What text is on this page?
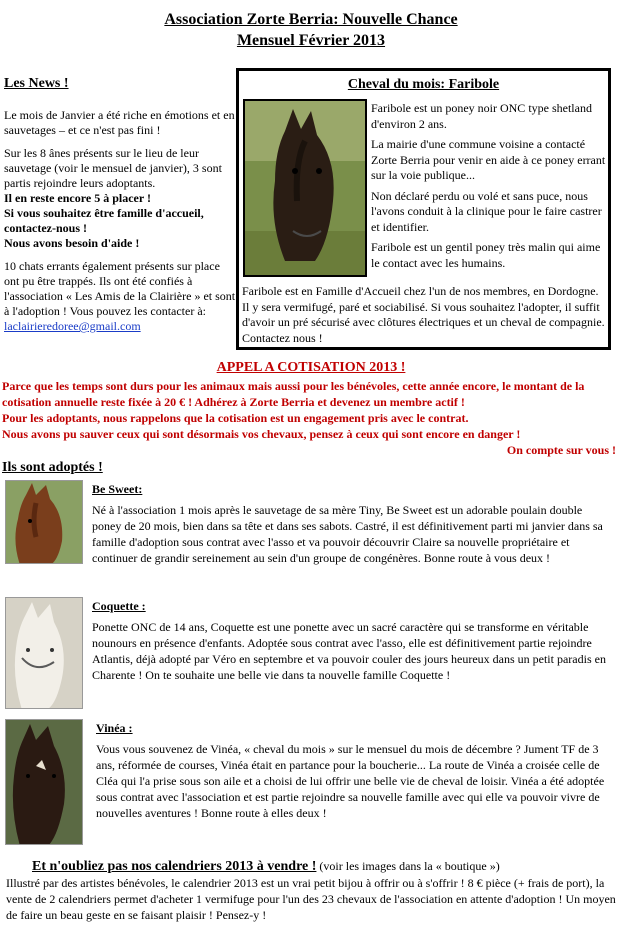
Association Zorte Berria: Nouvelle Chance
Mensuel Février 2013
Les News !

Le mois de Janvier a été riche en émotions et en sauvetages – et ce n'est pas fini !

Sur les 8 ânes présents sur le lieu de leur sauvetage (voir le mensuel de janvier), 3 sont partis rejoindre leurs adoptants.
Il en reste encore 5 à placer !
Si vous souhaitez être famille d'accueil, contactez-nous !
Nous avons besoin d'aide !

10 chats errants également présents sur place ont pu être trappés. Ils ont été confiés à l'association « Les Amis de la Clairière » et sont à l'adoption ! Vous pouvez les contacter à: laclairieredoree@gmail.com

Cheval du mois: Faribole

Faribole est un poney noir ONC type shetland d'environ 2 ans.

La mairie d'une commune voisine a contacté Zorte Berria pour venir en aide à ce poney errant sur la voie publique...

Non déclaré perdu ou volé et sans puce, nous l'avons conduit à la clinique pour le faire castrer et identifier.

Faribole est un gentil poney très malin qui aime le contact avec les humains.

Faribole est en Famille d'Accueil chez l'un de nos membres, en Dordogne. Il y sera vermifugé, paré et sociabilisé. Si vous souhaitez l'adopter, il suffit d'avoir un pré sécurisé avec clôtures électriques et un cheval de compagnie. Contactez nous !
APPEL A COTISATION 2013 !
Parce que les temps sont durs pour les animaux mais aussi pour les bénévoles, cette année encore, le montant de la cotisation annuelle reste fixée à 20 € ! Adhérez à Zorte Berria et devenez un membre actif !
Pour les adoptants, nous rappelons que la cotisation est un engagement pris avec le contrat.
Nous avons pu sauver ceux qui sont désormais vos chevaux, pensez à ceux qui sont encore en danger !
On compte sur vous !
Ils sont adoptés !
Be Sweet:
Né à l'association 1 mois après le sauvetage de sa mère Tiny, Be Sweet est un adorable poulain double poney de 20 mois, bien dans sa tête et dans ses sabots. Castré, il est définitivement parti mi janvier dans sa famille d'adoption sous contrat avec l'asso et va pouvoir découvrir Claire sa nouvelle propriétaire et continuer de grandir sereinement au sein d'un groupe de congénères. Bonne route à vous deux !
Coquette :
Ponette ONC de 14 ans, Coquette est une ponette avec un sacré caractère qui se transforme en véritable nounours en présence d'enfants. Adoptée sous contrat avec l'asso, elle est définitivement partie rejoindre Atlantis, déjà adopté par Véro en septembre et va pouvoir couler des jours heureux dans un petit paradis en Charente ! On te souhaite une belle vie dans ta nouvelle famille Coquette !
Vinéa :
Vous vous souvenez de Vinéa, « cheval du mois » sur le mensuel du mois de décembre ? Jument TF de 3 ans, réformée de courses, Vinéa était en partance pour la boucherie... La route de Vinéa a croisée celle de Cléa qui l'a prise sous son aile et a choisi de lui offrir une belle vie de cheval de loisir. Vinéa a été adoptée sous contrat avec l'association et est partie rejoindre sa nouvelle famille avec qui elle va pouvoir vivre de nouvelles aventures ! Bonne route à elles deux !
Et n'oubliez pas nos calendriers 2013 à vendre ! (voir les images dans la « boutique »)
Illustré par des artistes bénévoles, le calendrier 2013 est un vrai petit bijou à offrir ou à s'offrir ! 8 € pièce (+ frais de port), la vente de 2 calendriers permet d'acheter 1 vermifuge pour l'un des 23 chevaux de l'association en attente d'adoption ! Un moyen de faire un beau geste en se faisant plaisir ! Pensez-y !
